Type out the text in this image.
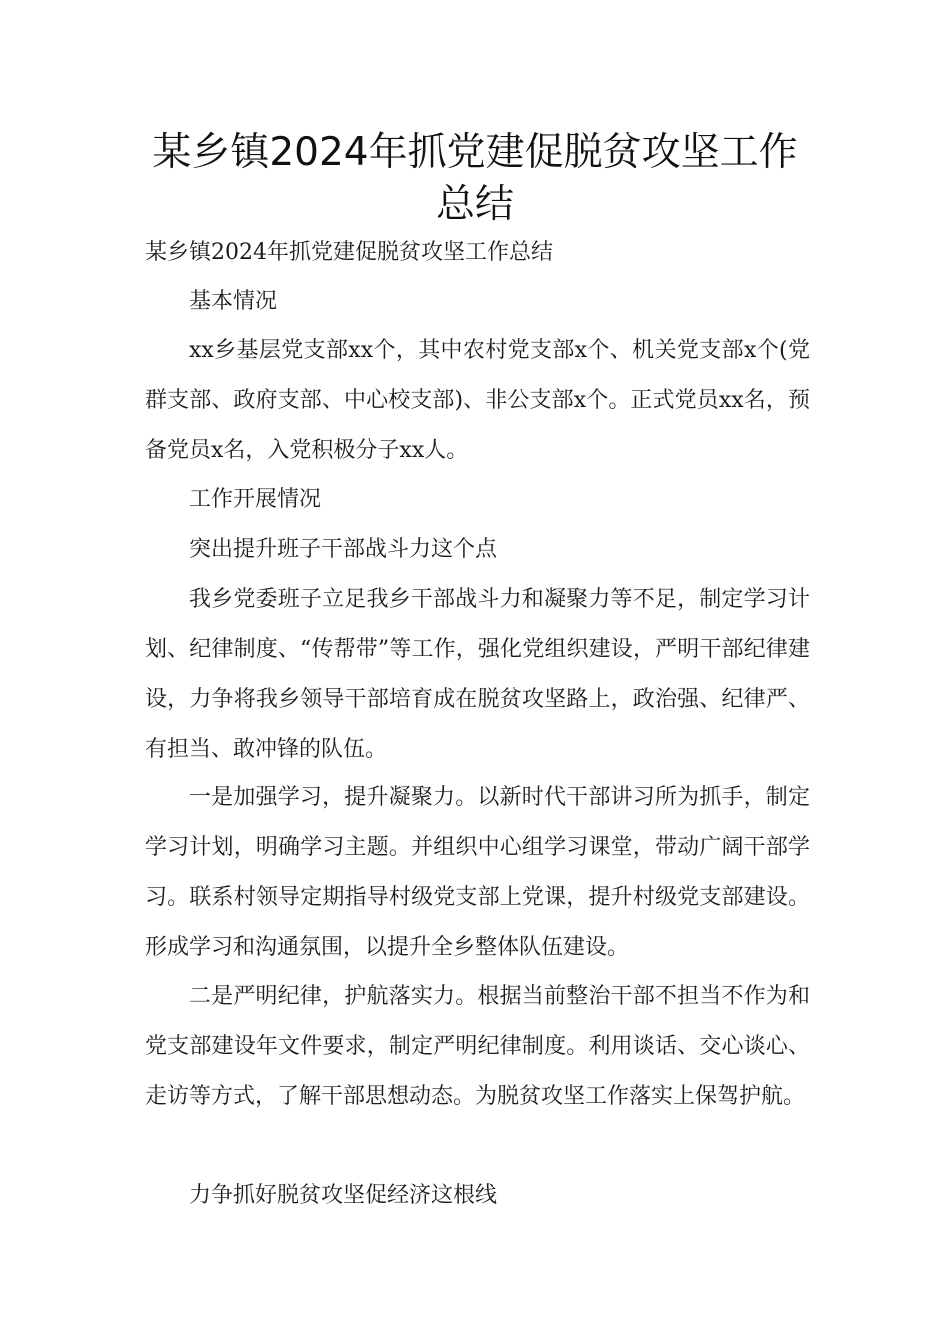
某乡镇2024年抓党建促脱贫攻坚工作
总结

某乡镇2024年抓党建促脱贫攻坚工作总结

基本情况

xx乡基层党支部xx个，其中农村党支部x个、机关党支部x个(党群支部、政府支部、中心校支部)、非公支部x个。正式党员xx名，预备党员x名，入党积极分子xx人。

工作开展情况

突出提升班子干部战斗力这个点

我乡党委班子立足我乡干部战斗力和凝聚力等不足，制定学习计划、纪律制度、“传帮带”等工作，强化党组织建设，严明干部纪律建设，力争将我乡领导干部培育成在脱贫攻坚路上，政治强、纪律严、有担当、敢冲锋的队伍。

一是加强学习，提升凝聚力。以新时代干部讲习所为抓手，制定学习计划，明确学习主题。并组织中心组学习课堂，带动广阔干部学习。联系村领导定期指导村级党支部上党课，提升村级党支部建设。形成学习和沟通氛围，以提升全乡整体队伍建设。

二是严明纪律，护航落实力。根据当前整治干部不担当不作为和党支部建设年文件要求，制定严明纪律制度。利用谈话、交心谈心、走访等方式，了解干部思想动态。为脱贫攻坚工作落实上保驾护航。

力争抓好脱贫攻坚促经济这根线
